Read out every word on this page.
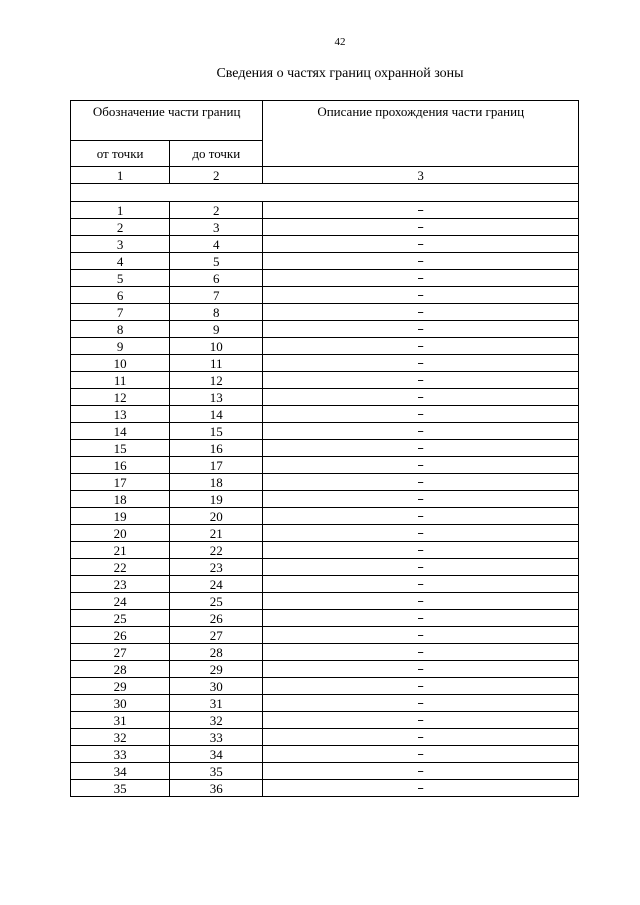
42
Сведения о частях границ охранной зоны
Обозначение части границ		Описание прохождения части границ
от точки	до точки	
1	2	3

1	2	–
2	3	–
3	4	–
4	5	–
5	6	–
6	7	–
7	8	–
8	9	–
9	10	–
10	11	–
11	12	–
12	13	–
13	14	–
14	15	–
15	16	–
16	17	–
17	18	–
18	19	–
19	20	–
20	21	–
21	22	–
22	23	–
23	24	–
24	25	–
25	26	–
26	27	–
27	28	–
28	29	–
29	30	–
30	31	–
31	32	–
32	33	–
33	34	–
34	35	–
35	36	–
